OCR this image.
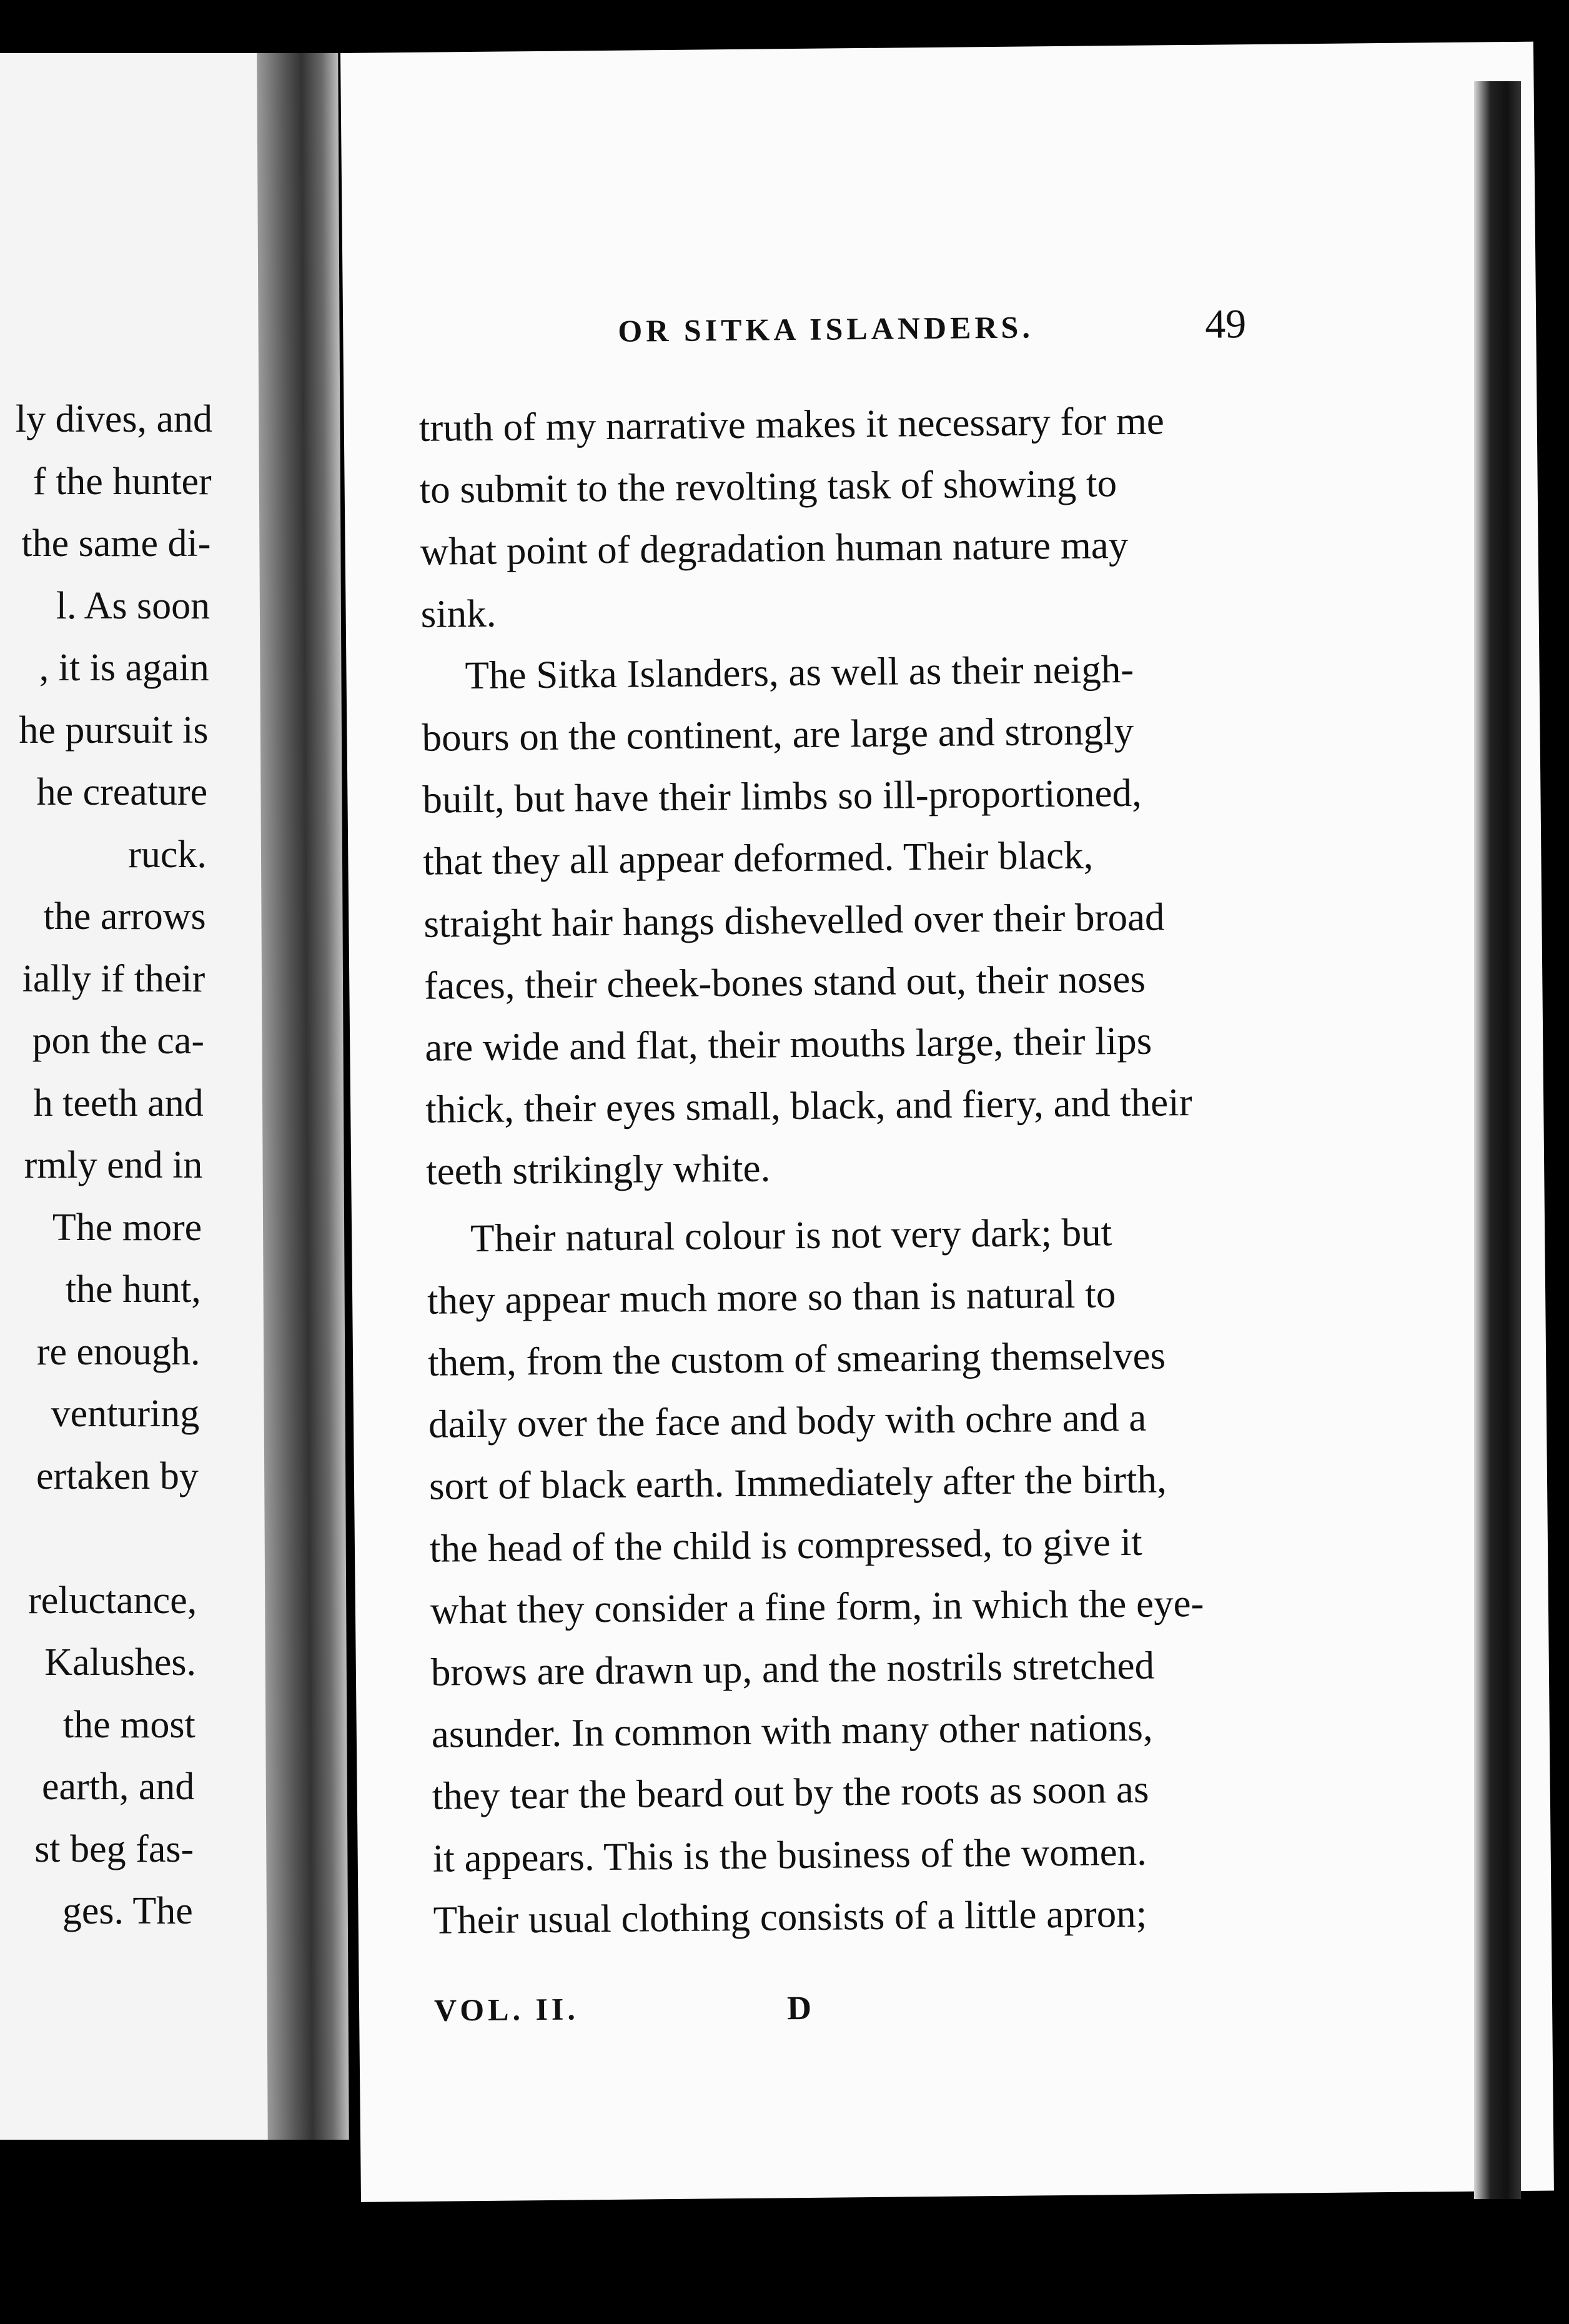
ly dives, and
f the hunter
the same di-
l. As soon
, it is again
he pursuit is
he creature
ruck.
the arrows
ially if their
pon the ca-
h teeth and
rmly end in
The more
the hunt,
re enough.
venturing
ertaken by
reluctance,
Kalushes.
the most
earth, and
st beg fas-
ges. The
OR SITKA ISLANDERS.	49
truth of my narrative makes it necessary for me
to submit to the revolting task of showing to
what point of degradation human nature may
sink.
The Sitka Islanders, as well as their neigh-
bours on the continent, are large and strongly
built, but have their limbs so ill-proportioned,
that they all appear deformed. Their black,
straight hair hangs dishevelled over their broad
faces, their cheek-bones stand out, their noses
are wide and flat, their mouths large, their lips
thick, their eyes small, black, and fiery, and their
teeth strikingly white.
Their natural colour is not very dark; but
they appear much more so than is natural to
them, from the custom of smearing themselves
daily over the face and body with ochre and a
sort of black earth. Immediately after the birth,
the head of the child is compressed, to give it
what they consider a fine form, in which the eye-
brows are drawn up, and the nostrils stretched
asunder. In common with many other nations,
they tear the beard out by the roots as soon as
it appears. This is the business of the women.
Their usual clothing consists of a little apron;
VOL. II.	D
